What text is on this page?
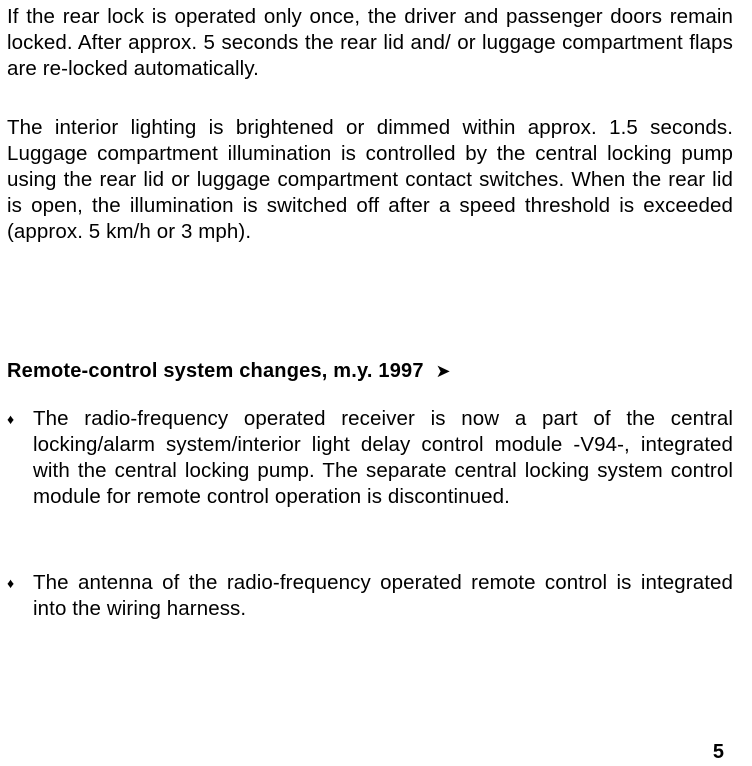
If the rear lock is operated only once, the driver and passenger doors remain locked. After approx. 5 seconds the rear lid and/ or luggage compartment flaps are re-locked automatically.

The interior lighting is brightened or dimmed within approx. 1.5 seconds. Luggage compartment illumination is controlled by the central locking pump using the rear lid or luggage compartment contact switches. When the rear lid is open, the illumination is switched off after a speed threshold is exceeded (approx. 5 km/h or 3 mph).

Remote-control system changes, m.y. 1997 ➤
♦ The radio-frequency operated receiver is now a part of the central locking/alarm system/interior light delay control module -V94-, integrated with the central locking pump. The separate central locking system control module for remote control operation is discontinued.
♦ The antenna of the radio-frequency operated remote control is integrated into the wiring harness.
5
